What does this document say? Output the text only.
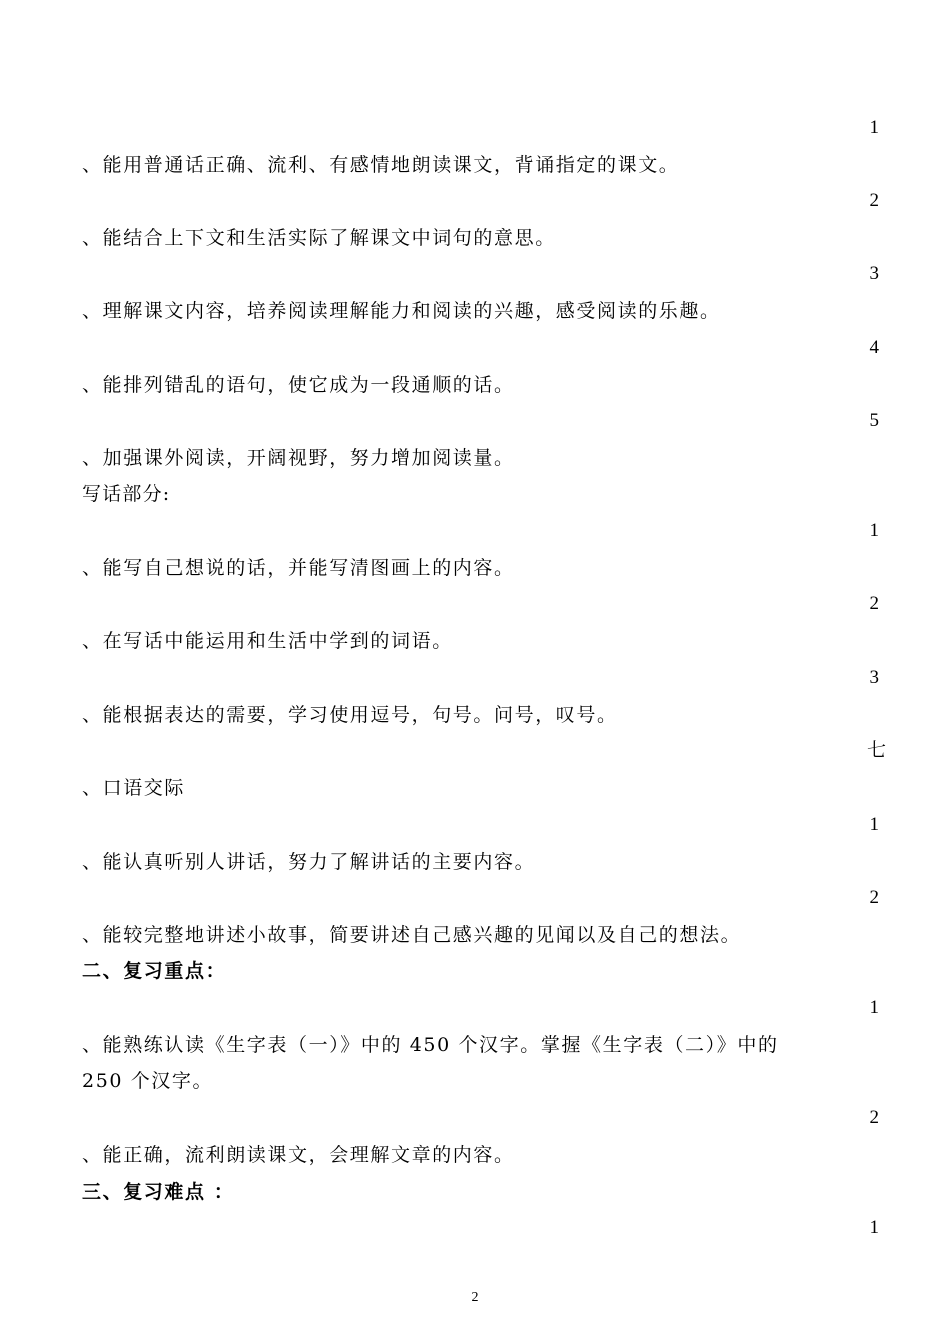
1
、能用普通话正确、流利、有感情地朗读课文，背诵指定的课文。
2
、能结合上下文和生活实际了解课文中词句的意思。
3
、理解课文内容，培养阅读理解能力和阅读的兴趣，感受阅读的乐趣。
4
、能排列错乱的语句，使它成为一段通顺的话。
5
、加强课外阅读，开阔视野，努力增加阅读量。
写话部分:
1
、能写自己想说的话，并能写清图画上的内容。
2
、在写话中能运用和生活中学到的词语。
3
、能根据表达的需要，学习使用逗号，句号。问号，叹号。
七
、口语交际
1
、能认真听别人讲话，努力了解讲话的主要内容。
2
、能较完整地讲述小故事，简要讲述自己感兴趣的见闻以及自己的想法。
二、复习重点：
1
、能熟练认读《生字表（一）》中的 450 个汉字。掌握《生字表（二）》中的
250 个汉字。
2
、能正确，流利朗读课文，会理解文章的内容。
三、复习难点 ：
1
2
